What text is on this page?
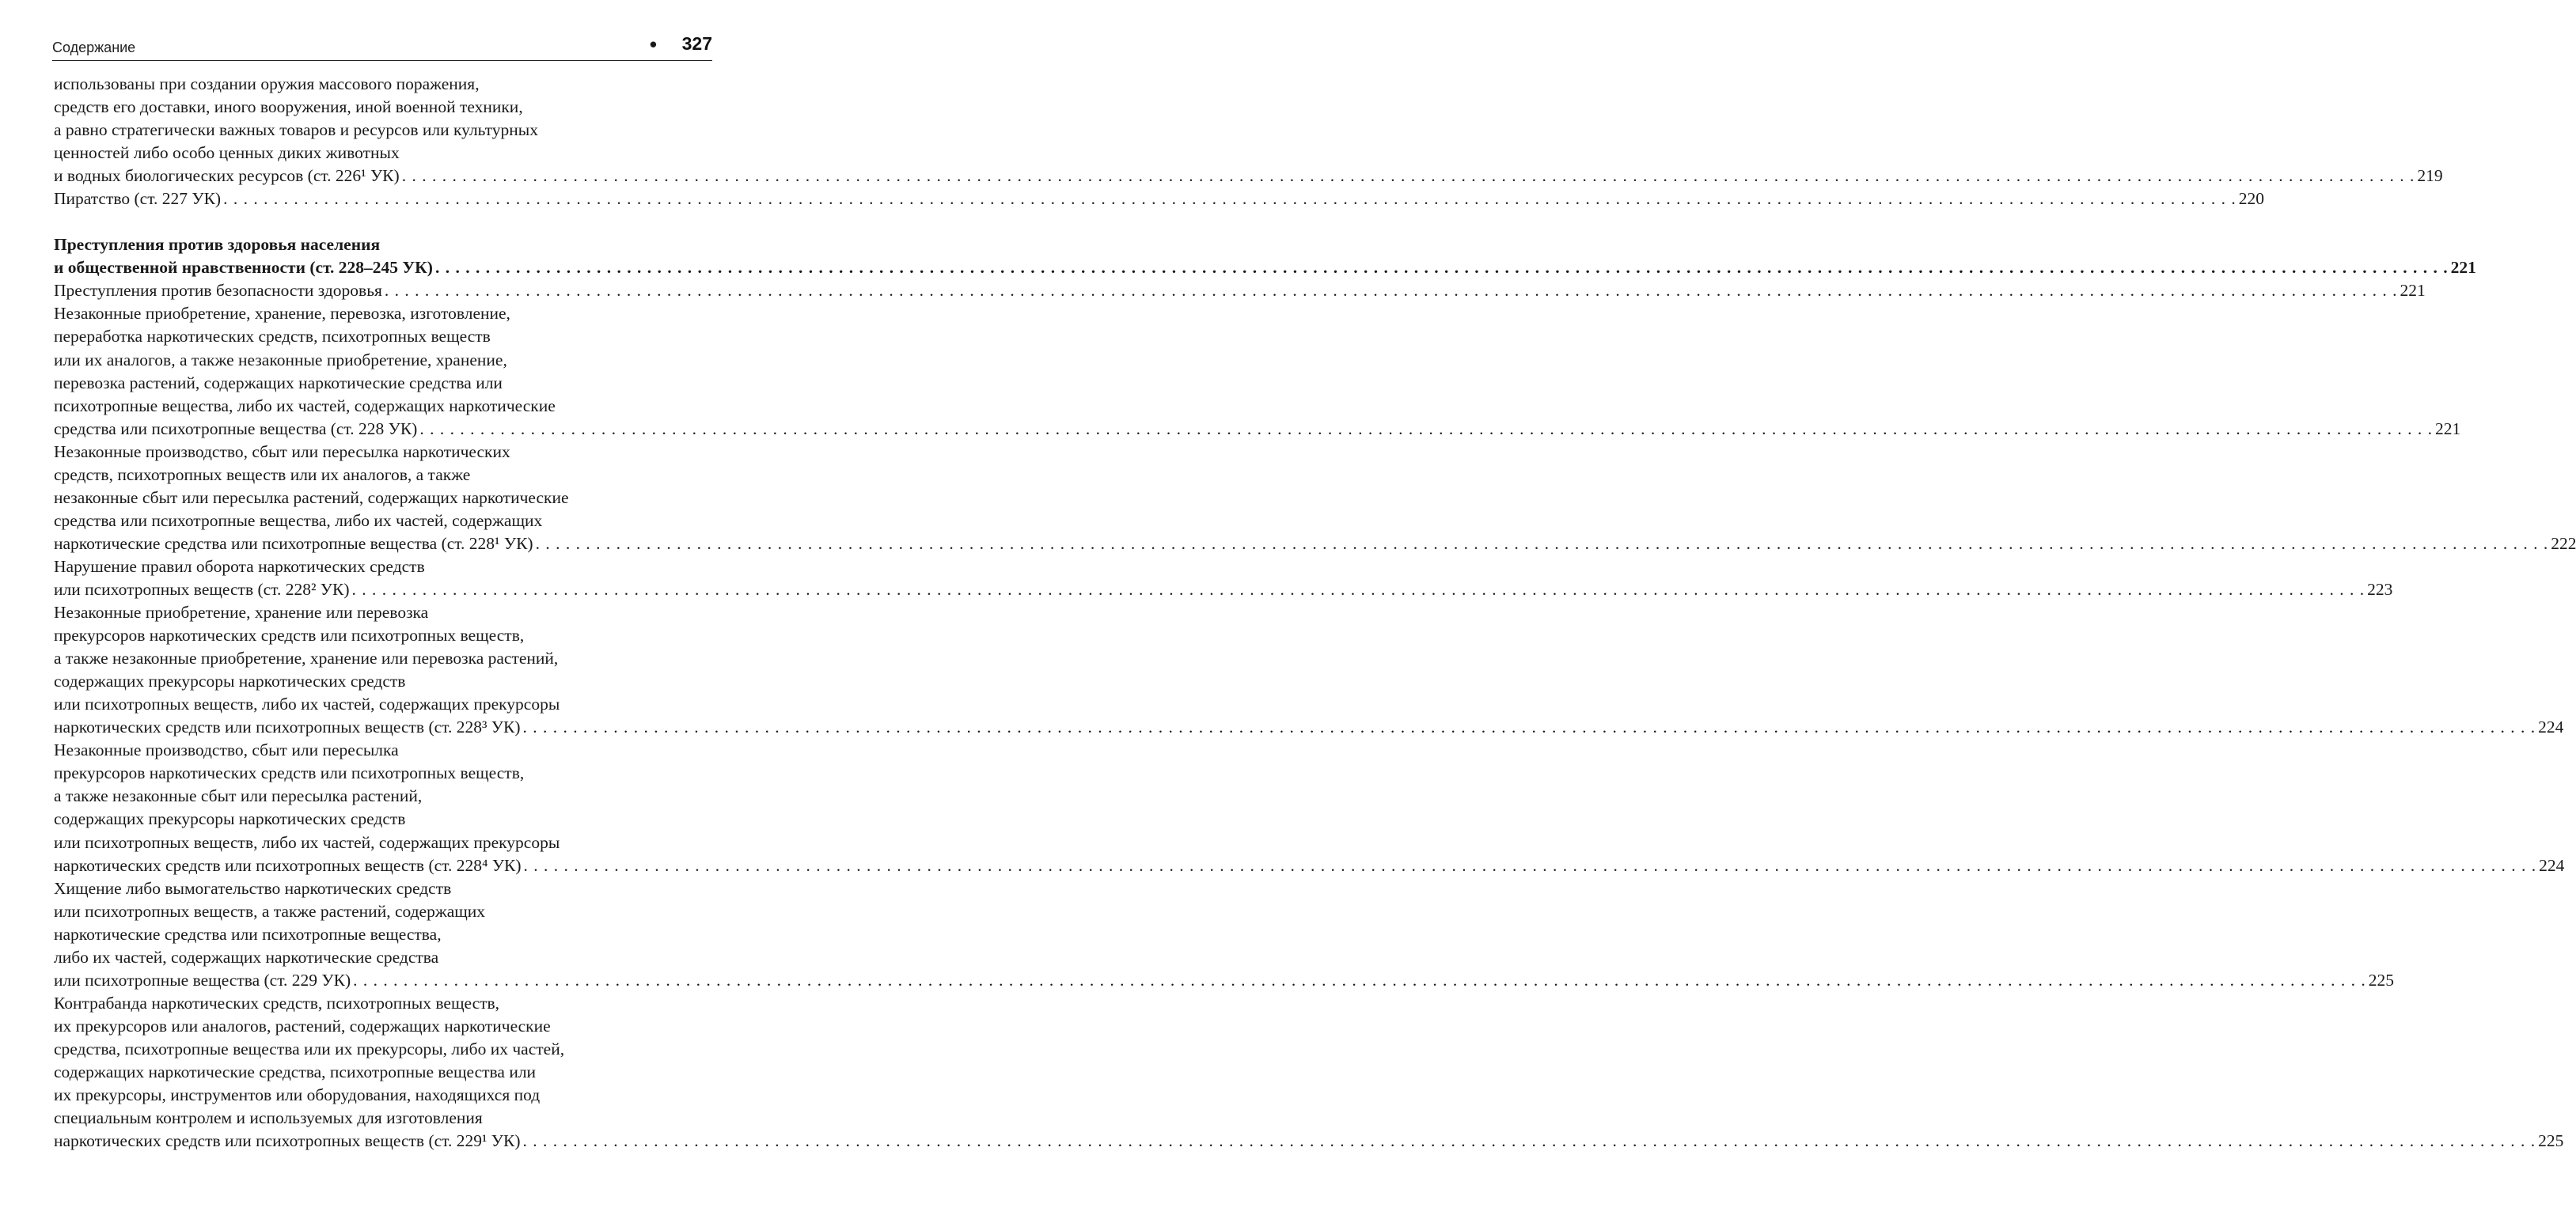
Содержание	• 327
использованы при создании оружия массового поражения,
средств его доставки, иного вооружения, иной военной техники,
а равно стратегически важных товаров и ресурсов или культурных
ценностей либо особо ценных диких животных
и водных биологических ресурсов (ст. 226¹ УК) . . . . . . . . . . . . . . . . . . . . . . . . . . . . . . . . . . . . . . . . . . . . . . . . . . . . . . . . . . . . . . . . . . . . . . . . . . . . . . . . . . . . . . . . . . . . . . . . . . . . . . . . . . . . . . . . . . . . . . . . . . . . . . . . . . . . . . . . . . . . . . . . . . . . . . . . . . . . . . . . . . . . . . . . . . . . . . . . . . . . . . . . . . . . . . . . . . . . . . . . 219
Пиратство (ст. 227 УК) . . . . . . . . . . . . . . . . . . . . . . . . . . . . . . . . . . . . . . . . . . . . . . . . . . . . . . . . . . . . . . . . . . . . . . . . . . . . . . . . . . . . . . . . . . . . . . . . . . . . . . . . . . . . . . . . . . . . . . . . . . . . . . . . . . . . . . . . . . . . . . . . . . . . . . . . . . . . . . . . . . . . . . . . . . . . . . . . . . . . . . . . . . . . . . . . . . . . . . . . 220
Преступления против здоровья населения
и общественной нравственности (ст. 228–245 УК) . . . . . . . . . . . . . . . . . . . . . . . . . . . . . . . . . . . . . . . . . . . . . . . . . . . . . . . . . . . . . . . . . . . . . . . . . . . . . . . . . . . . . . . . . . . . . . . . . . . . . . . . . . . . . . . . . . . . . . . . . . . . . . . . . . . . . . . . . . . . . . . . . . . . . . . . . . . . . . . . . . . . . . . . . . . . . . . . . . . . . . . . . . . . . . . . . . . . . . . . 221
Преступления против безопасности здоровья . . . . . . . . . . . . . . . . . . . . . . . . . . . . . . . . . . . . . . . . . . . . . . . . . . . . . . . . . . . . . . . . . . . . . . . . . . . . . . . . . . . . . . . . . . . . . . . . . . . . . . . . . . . . . . . . . . . . . . . . . . . . . . . . . . . . . . . . . . . . . . . . . . . . . . . . . . . . . . . . . . . . . . . . . . . . . . . . . . . . . . . . . . . . . . . . . . . . . . . . 221
Незаконные приобретение, хранение, перевозка, изготовление,
переработка наркотических средств, психотропных веществ
или их аналогов, а также незаконные приобретение, хранение,
перевозка растений, содержащих наркотические средства или
психотропные вещества, либо их частей, содержащих наркотические
средства или психотропные вещества (ст. 228 УК) . . . . . . . . . . . . . . . . . . . . . . . . . . . . . . . . . . . . . . . . . . . . . . . . . . . . . . . . . . . . . . . . . . . . . . . . . . . . . . . . . . . . . . . . . . . . . . . . . . . . . . . . . . . . . . . . . . . . . . . . . . . . . . . . . . . . . . . . . . . . . . . . . . . . . . . . . . . . . . . . . . . . . . . . . . . . . . . . . . . . . . . . . . . . . . . . . . . . . . . . 221
Незаконные производство, сбыт или пересылка наркотических
средств, психотропных веществ или их аналогов, а также
незаконные сбыт или пересылка растений, содержащих наркотические
средства или психотропные вещества, либо их частей, содержащих
наркотические средства или психотропные вещества (ст. 228¹ УК) . . . . . . . . . . . . . . . . . . . . . . . . . . . . . . . . . . . . . . . . . . . . . . . . . . . . . . . . . . . . . . . . . . . . . . . . . . . . . . . . . . . . . . . . . . . . . . . . . . . . . . . . . . . . . . . . . . . . . . . . . . . . . . . . . . . . . . . . . . . . . . . . . . . . . . . . . . . . . . . . . . . . . . . . . . . . . . . . . . . . . . . . . . . . . . . . . . . . . . . . 222
Нарушение правил оборота наркотических средств
или психотропных веществ (ст. 228² УК) . . . . . . . . . . . . . . . . . . . . . . . . . . . . . . . . . . . . . . . . . . . . . . . . . . . . . . . . . . . . . . . . . . . . . . . . . . . . . . . . . . . . . . . . . . . . . . . . . . . . . . . . . . . . . . . . . . . . . . . . . . . . . . . . . . . . . . . . . . . . . . . . . . . . . . . . . . . . . . . . . . . . . . . . . . . . . . . . . . . . . . . . . . . . . . . . . . . . . . . . 223
Незаконные приобретение, хранение или перевозка
прекурсоров наркотических средств или психотропных веществ,
а также незаконные приобретение, хранение или перевозка растений,
содержащих прекурсоры наркотических средств
или психотропных веществ, либо их частей, содержащих прекурсоры
наркотических средств или психотропных веществ (ст. 228³ УК) . . . . . . . . . . . . . . . . . . . . . . . . . . . . . . . . . . . . . . . . . . . . . . . . . . . . . . . . . . . . . . . . . . . . . . . . . . . . . . . . . . . . . . . . . . . . . . . . . . . . . . . . . . . . . . . . . . . . . . . . . . . . . . . . . . . . . . . . . . . . . . . . . . . . . . . . . . . . . . . . . . . . . . . . . . . . . . . . . . . . . . . . . . . . . . . . . . . . . . . . 224
Незаконные производство, сбыт или пересылка
прекурсоров наркотических средств или психотропных веществ,
а также незаконные сбыт или пересылка растений,
содержащих прекурсоры наркотических средств
или психотропных веществ, либо их частей, содержащих прекурсоры
наркотических средств или психотропных веществ (ст. 228⁴ УК) . . . . . . . . . . . . . . . . . . . . . . . . . . . . . . . . . . . . . . . . . . . . . . . . . . . . . . . . . . . . . . . . . . . . . . . . . . . . . . . . . . . . . . . . . . . . . . . . . . . . . . . . . . . . . . . . . . . . . . . . . . . . . . . . . . . . . . . . . . . . . . . . . . . . . . . . . . . . . . . . . . . . . . . . . . . . . . . . . . . . . . . . . . . . . . . . . . . . . . . . 224
Хищение либо вымогательство наркотических средств
или психотропных веществ, а также растений, содержащих
наркотические средства или психотропные вещества,
либо их частей, содержащих наркотические средства
или психотропные вещества (ст. 229 УК) . . . . . . . . . . . . . . . . . . . . . . . . . . . . . . . . . . . . . . . . . . . . . . . . . . . . . . . . . . . . . . . . . . . . . . . . . . . . . . . . . . . . . . . . . . . . . . . . . . . . . . . . . . . . . . . . . . . . . . . . . . . . . . . . . . . . . . . . . . . . . . . . . . . . . . . . . . . . . . . . . . . . . . . . . . . . . . . . . . . . . . . . . . . . . . . . . . . . . . . . 225
Контрабанда наркотических средств, психотропных веществ,
их прекурсоров или аналогов, растений, содержащих наркотические
средства, психотропные вещества или их прекурсоры, либо их частей,
содержащих наркотические средства, психотропные вещества или
их прекурсоры, инструментов или оборудования, находящихся под
специальным контролем и используемых для изготовления
наркотических средств или психотропных веществ (ст. 229¹ УК) . . . . . . . . . . . . . . . . . . . . . . . . . . . . . . . . . . . . . . . . . . . . . . . . . . . . . . . . . . . . . . . . . . . . . . . . . . . . . . . . . . . . . . . . . . . . . . . . . . . . . . . . . . . . . . . . . . . . . . . . . . . . . . . . . . . . . . . . . . . . . . . . . . . . . . . . . . . . . . . . . . . . . . . . . . . . . . . . . . . . . . . . . . . . . . . . . . . . . . . . 225
